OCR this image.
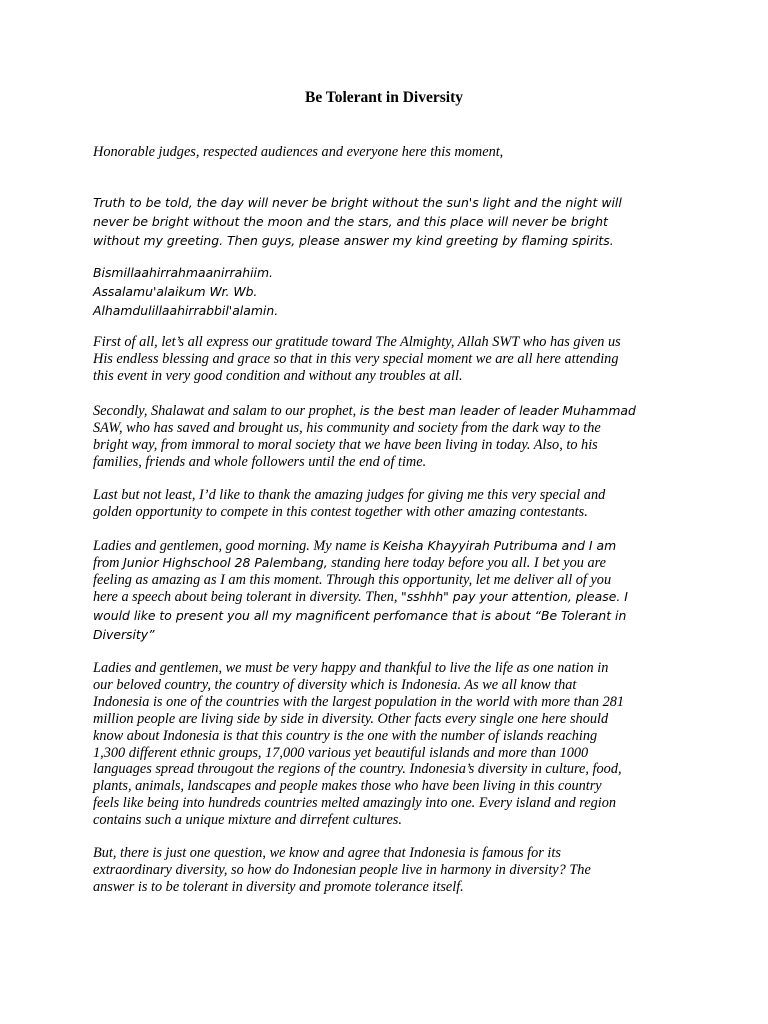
Be Tolerant in Diversity

Honorable judges, respected audiences and everyone here this moment,

Truth to be told, the day will never be bright without the sun's light and the night will
never be bright without the moon and the stars, and this place will never be bright
without my greeting. Then guys, please answer my kind greeting by flaming spirits.

Bismillaahirrahmaanirrahiim.
Assalamu'alaikum Wr. Wb.
Alhamdulillaahirrabbil'alamin.

First of all, let’s all express our gratitude toward The Almighty, Allah SWT who has given us
His endless blessing and grace so that in this very special moment we are all here attending
this event in very good condition and without any troubles at all.

Secondly, Shalawat and salam to our prophet, is the best man leader of leader Muhammad
SAW, who has saved and brought us, his community and society from the dark way to the
bright way, from immoral to moral society that we have been living in today. Also, to his
families, friends and whole followers until the end of time.

Last but not least, I’d like to thank the amazing judges for giving me this very special and
golden opportunity to compete in this contest together with other amazing contestants.

Ladies and gentlemen, good morning. My name is Keisha Khayyirah Putribuma and I am
from Junior Highschool 28 Palembang, standing here today before you all. I bet you are
feeling as amazing as I am this moment. Through this opportunity, let me deliver all of you
here a speech about being tolerant in diversity. Then, "sshhh" pay your attention, please. I
would like to present you all my magnificent perfomance that is about “Be Tolerant in
Diversity”

Ladies and gentlemen, we must be very happy and thankful to live the life as one nation in
our beloved country, the country of diversity which is Indonesia. As we all know that
Indonesia is one of the countries with the largest population in the world with more than 281
million people are living side by side in diversity. Other facts every single one here should
know about Indonesia is that this country is the one with the number of islands reaching
1,300 different ethnic groups, 17,000 various yet beautiful islands and more than 1000
languages spread througout the regions of the country. Indonesia’s diversity in culture, food,
plants, animals, landscapes and people makes those who have been living in this country
feels like being into hundreds countries melted amazingly into one. Every island and region
contains such a unique mixture and dirrefent cultures.

But, there is just one question, we know and agree that Indonesia is famous for its
extraordinary diversity, so how do Indonesian people live in harmony in diversity? The
answer is to be tolerant in diversity and promote tolerance itself.
